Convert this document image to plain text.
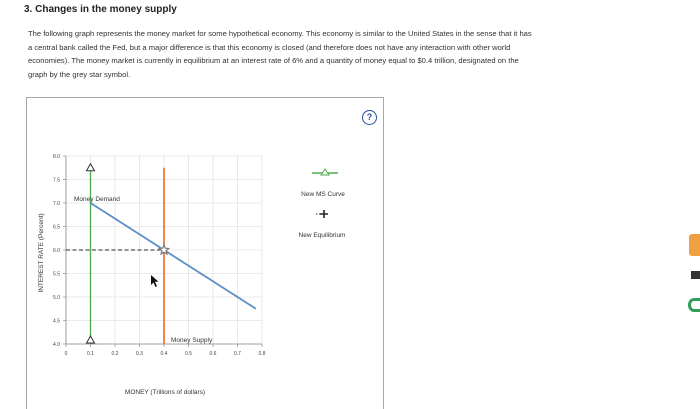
3. Changes in the money supply
The following graph represents the money market for some hypothetical economy. This economy is similar to the United States in the sense that it has
a central bank called the Fed, but a major difference is that this economy is closed (and therefore does not have any interaction with other world
economies). The money market is currently in equilibrium at an interest rate of 6% and a quantity of money equal to $0.4 trillion, designated on the
graph by the grey star symbol.
?
8.0
7.5
7.0
6.5
6.0
5.5
5.0
4.5
4.0
0	0.1	0.2	0.3	0.4	0.5	0.6	0.7	0.8
INTEREST RATE (Percent)
MONEY (Trillions of dollars)
Money Demand
Money Supply
New MS Curve
New Equilibrium
